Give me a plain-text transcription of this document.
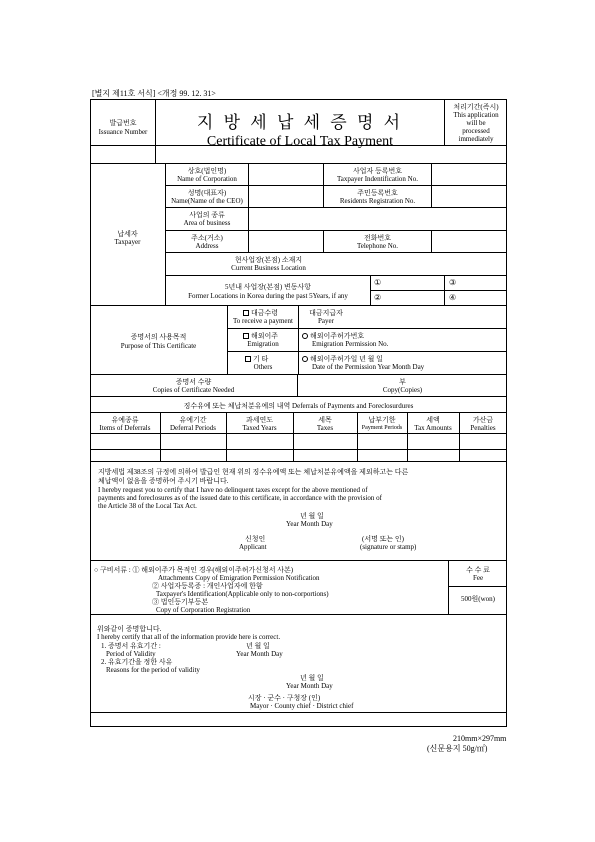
[별지 제11호 서식] <개정 99. 12. 31>
발급번호
Issuance Number	지 방 세 납 세 증 명 서
Certificate of Local Tax Payment
처리기간(즉시)
This application
will be
processed
immediately
납세자
Taxpayer
상호(법인명)
Name of Corporation
사업자 등록번호
Taxpayer Indentification No.
성명(대표자)
Name(Name of the CEO)
주민등록번호
Residents Registration No.
사업의 종류
Area of business
주소(거소)
Address
전화번호
Telephone No.
현사업장(본점) 소재지
Current Business Location
5년내 사업장(본점) 변동사항
Former Locations in Korea during the past 5Years, if any
①
②
③
④
증명서의 사용목적
Purpose of This Certificate
대금수령
To receive a payment
대금지급자
Payer
해외이주
Emigration
해외이주허가번호
Emigration Permission No.
기 타
Others
해외이주허가일 년 월 일
Date of the Permission Year Month Day
증명서 수량
Copies of Certificate Needed
부
Copy(Copies)
징수유예 또는 체납처분유예의 내역 Deferrals of Payments and Foreclosurdures
유예종류
Items of Deferrals
유예기간
Deferral Periods
과세연도
Taxed Years
세목
Taxes
납부기한
Payment Periods
세액
Tax Amounts
가산금
Penalties
지방세법 제38조의 규정에 의하여 발급인 현재 위의 징수유예액 또는 체납처분유예액을 제외하고는 다른
체납액이 없음을 증명하여 주시기 바랍니다.
I hereby request you to certify that I have no delinquent taxes except for the above mentioned of
payments and foreclosures as of the issued date to this certificate, in accordance with the provision of
the Article 38 of the Local Tax Act.
년 월 일
Year Month Day
신청인
Applicant
(서명 또는 인)
(signature or stamp)
○ 구비서류 : ① 해외이주가 목적인 경우(해외이주허가신청서 사본)
Attachments Copy of Emigration Permission Notification
② 사업자등록증 : 개인사업자에 한함
Taxpayer's Identification(Applicable only to non-corportions)
③ 법인등기부등본
Copy of Corporation Registration
수 수 료
Fee
500원(won)
위와같이 증명합니다.
I hereby certify that all of the information provide here is correct.
1. 증명서 유효기간 :
Period of Validity
년 월 일
Year Month Day
2. 유효기간을 정한 사유
Reasons for the period of validity
년 월 일
Year Month Day
시장 · 군수 · 구청장 (인)
Mayor · County chief · District chief
210mm×297mm
(신문용지 50g/㎡)
